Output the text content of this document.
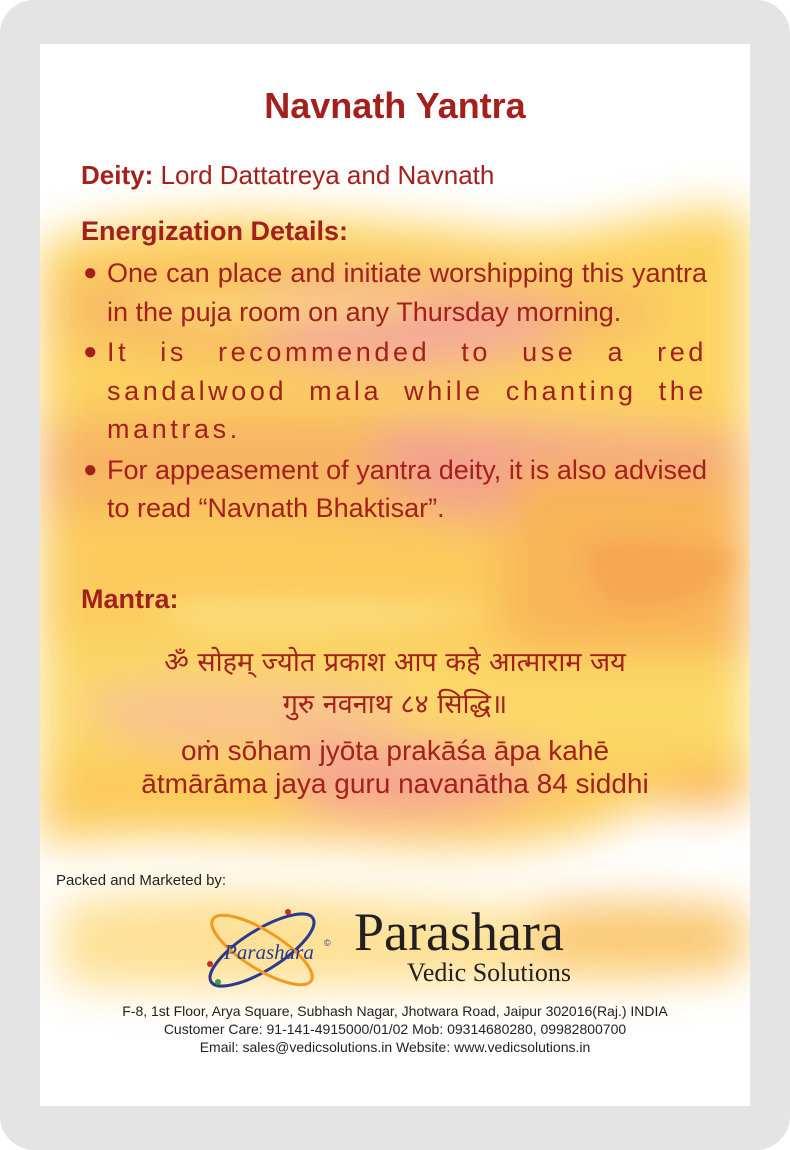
Navnath Yantra
Deity: Lord Dattatreya and Navnath
Energization Details:
● One can place and initiate worshipping this yantra in the puja room on any Thursday morning.
● It is recommended to use a red sandalwood mala while chanting the mantras.
● For appeasement of yantra deity, it is also advised to read “Navnath Bhaktisar”.
Mantra:
ॐ सोहम् ज्योत प्रकाश आप कहे आत्माराम जय
गुरु नवनाथ ८४ सिद्धि॥
oṁ sōham jyōta prakāśa āpa kahē
ātmārāma jaya guru navanātha 84 siddhi
Packed and Marketed by:
Parashara © Parashara
Vedic Solutions
F-8, 1st Floor, Arya Square, Subhash Nagar, Jhotwara Road, Jaipur 302016(Raj.) INDIA
Customer Care: 91-141-4915000/01/02 Mob: 09314680280, 09982800700
Email: sales@vedicsolutions.in Website: www.vedicsolutions.in
